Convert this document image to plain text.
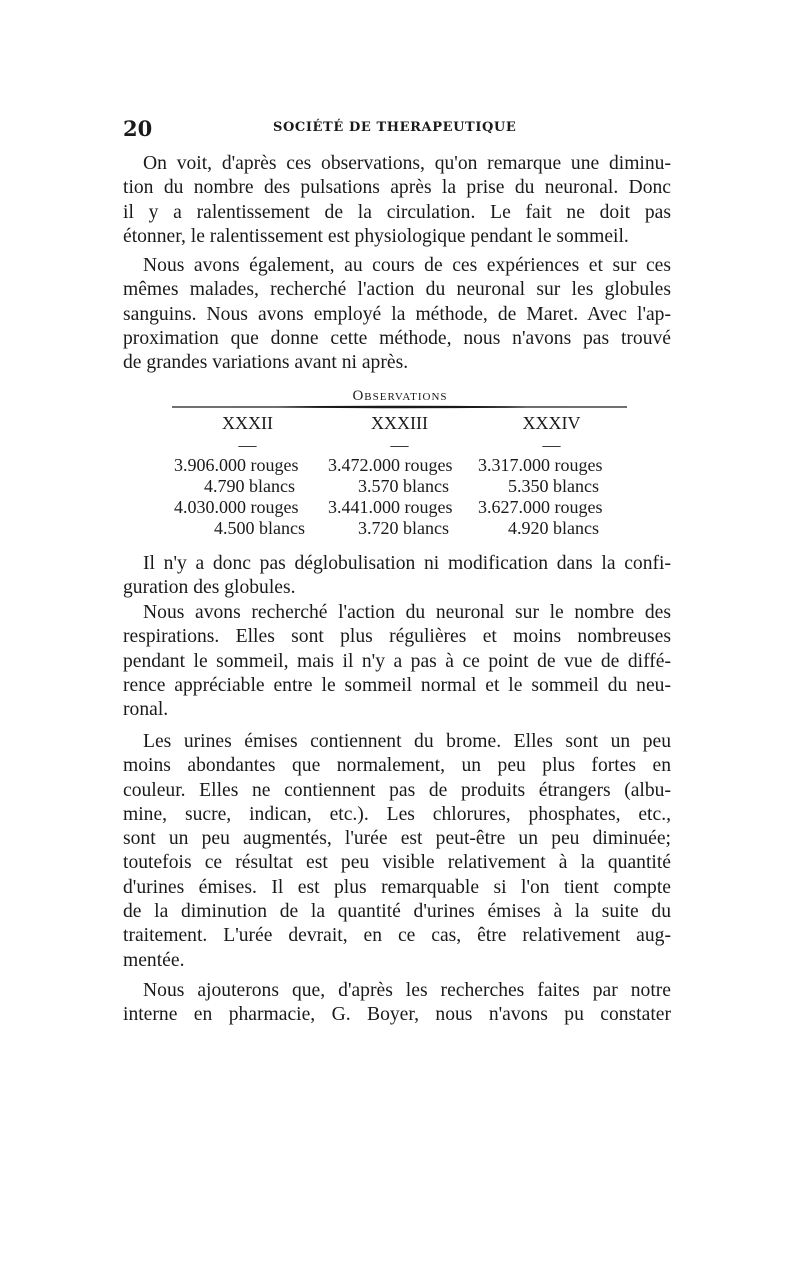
20	SOCIÉTÉ DE THERAPEUTIQUE
On voit, d'après ces observations, qu'on remarque une diminu-
tion du nombre des pulsations après la prise du neuronal. Donc
il y a ralentissement de la circulation. Le fait ne doit pas
étonner, le ralentissement est physiologique pendant le sommeil.
Nous avons également, au cours de ces expériences et sur ces
mêmes malades, recherché l'action du neuronal sur les globules
sanguins. Nous avons employé la méthode, de Maret. Avec l'ap-
proximation que donne cette méthode, nous n'avons pas trouvé
de grandes variations avant ni après.
Observations
XXXII	XXXIII	XXXIV
—	—	—
3.906.000 rouges 3.472.000 rouges 3.317.000 rouges
4.790 blancs	3.570 blancs	5.350 blancs
4.030.000 rouges 3.441.000 rouges 3.627.000 rouges
4.500 blancs	3.720 blancs	4.920 blancs
Il n'y a donc pas déglobulisation ni modification dans la confi-
guration des globules.
Nous avons recherché l'action du neuronal sur le nombre des
respirations. Elles sont plus régulières et moins nombreuses
pendant le sommeil, mais il n'y a pas à ce point de vue de diffé-
rence appréciable entre le sommeil normal et le sommeil du neu-
ronal.
Les urines émises contiennent du brome. Elles sont un peu
moins abondantes que normalement, un peu plus fortes en
couleur. Elles ne contiennent pas de produits étrangers (albu-
mine, sucre, indican, etc.). Les chlorures, phosphates, etc.,
sont un peu augmentés, l'urée est peut-être un peu diminuée;
toutefois ce résultat est peu visible relativement à la quantité
d'urines émises. Il est plus remarquable si l'on tient compte
de la diminution de la quantité d'urines émises à la suite du
traitement. L'urée devrait, en ce cas, être relativement aug-
mentée.
Nous ajouterons que, d'après les recherches faites par notre
interne en pharmacie, G. Boyer, nous n'avons pu constater
